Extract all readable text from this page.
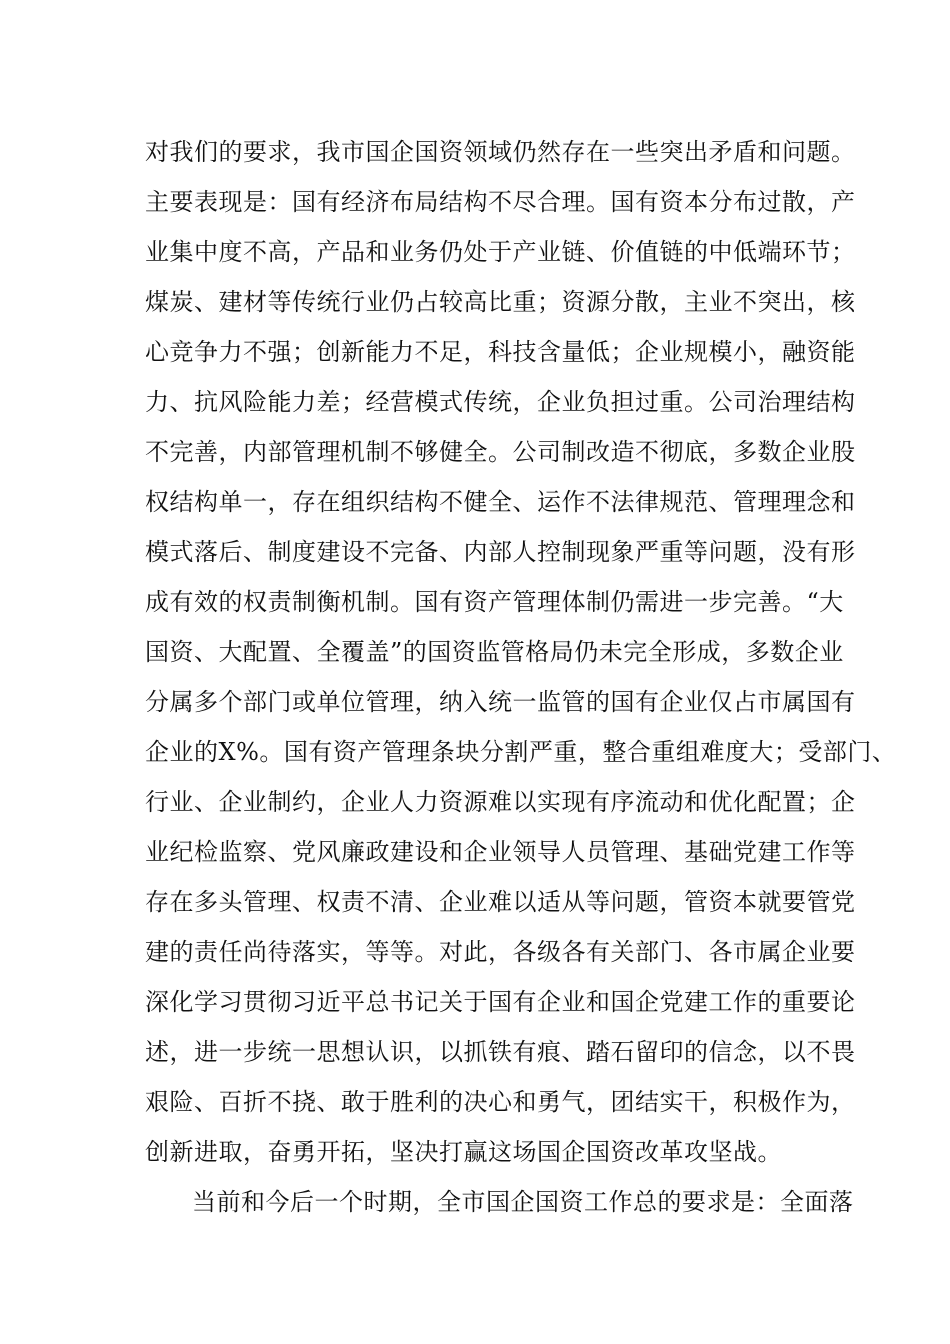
对我们的要求，我市国企国资领域仍然存在一些突出矛盾和问题。
主要表现是：国有经济布局结构不尽合理。国有资本分布过散，产
业集中度不高，产品和业务仍处于产业链、价值链的中低端环节；
煤炭、建材等传统行业仍占较高比重；资源分散，主业不突出，核
心竞争力不强；创新能力不足，科技含量低；企业规模小，融资能
力、抗风险能力差；经营模式传统，企业负担过重。公司治理结构
不完善，内部管理机制不够健全。公司制改造不彻底，多数企业股
权结构单一，存在组织结构不健全、运作不法律规范、管理理念和
模式落后、制度建设不完备、内部人控制现象严重等问题，没有形
成有效的权责制衡机制。国有资产管理体制仍需进一步完善。“大
国资、大配置、全覆盖”的国资监管格局仍未完全形成，多数企业
分属多个部门或单位管理，纳入统一监管的国有企业仅占市属国有
企业的X%。国有资产管理条块分割严重，整合重组难度大；受部门、
行业、企业制约，企业人力资源难以实现有序流动和优化配置；企
业纪检监察、党风廉政建设和企业领导人员管理、基础党建工作等
存在多头管理、权责不清、企业难以适从等问题，管资本就要管党
建的责任尚待落实，等等。对此，各级各有关部门、各市属企业要
深化学习贯彻习近平总书记关于国有企业和国企党建工作的重要论
述，进一步统一思想认识，以抓铁有痕、踏石留印的信念，以不畏
艰险、百折不挠、敢于胜利的决心和勇气，团结实干，积极作为，
创新进取，奋勇开拓，坚决打赢这场国企国资改革攻坚战。
当前和今后一个时期，全市国企国资工作总的要求是：全面落
